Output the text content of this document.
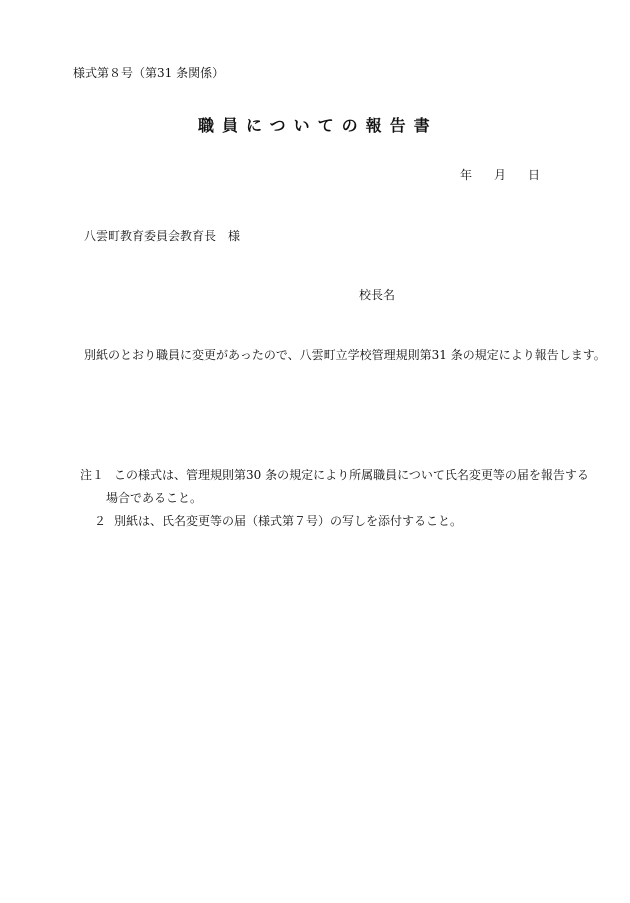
様式第８号（第31 条関係）
職員についての報告書
年 月 日
八雲町教育委員会教育長　様
校長名
別紙のとおり職員に変更があったので、八雲町立学校管理規則第31 条の規定により報告します。
注１ この様式は、管理規則第30 条の規定により所属職員について氏名変更等の届を報告する
場合であること。
２ 別紙は、氏名変更等の届（様式第７号）の写しを添付すること。
